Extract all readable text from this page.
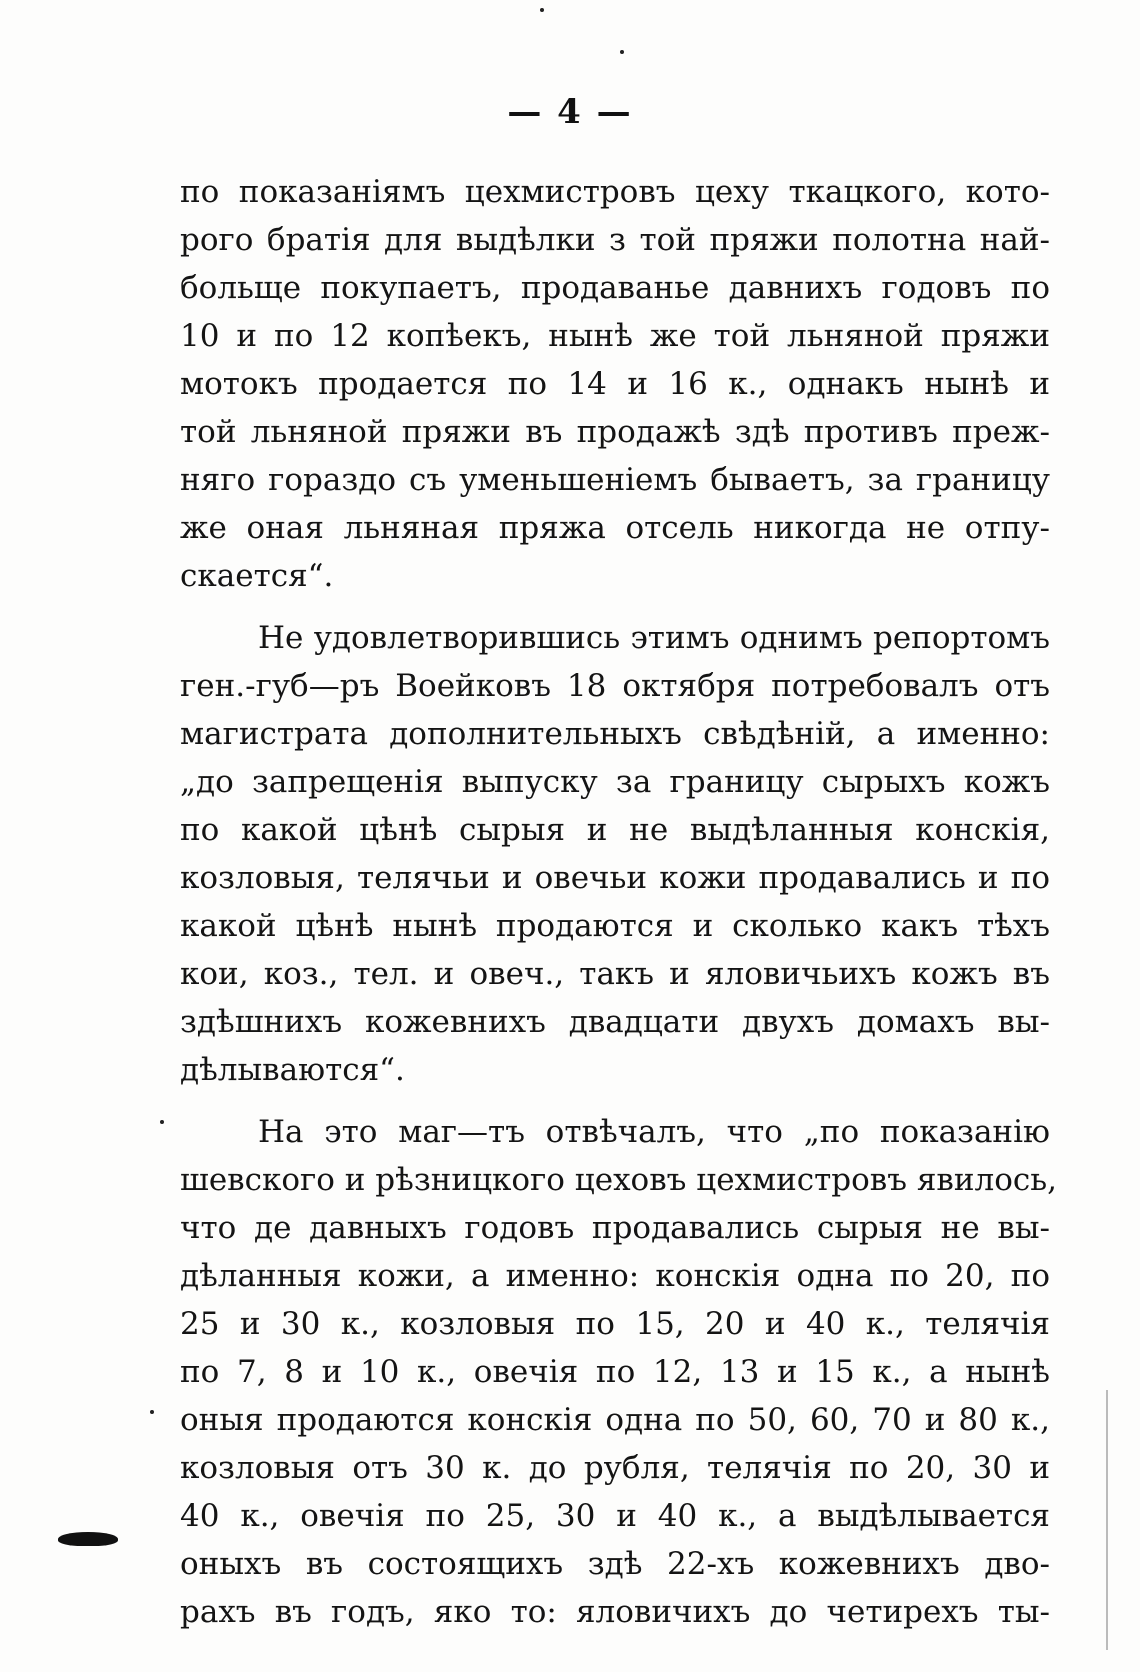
— 4 —
по показаніямъ цехмистровъ цеху ткацкого, кото-
рого братія для выдѣлки з той пряжи полотна най-
больще покупаетъ, продаванье давнихъ годовъ по
10 и по 12 копѣекъ, нынѣ же той льняной пряжи
мотокъ продается по 14 и 16 к., однакъ нынѣ и
той льняной пряжи въ продажѣ здѣ противъ преж-
няго гораздо съ уменьшеніемъ бываетъ, за границу
же оная льняная пряжа отсель никогда не отпу-
скается“.
Не удовлетворившись этимъ однимъ репортомъ
ген.-губ—ръ Воейковъ 18 октября потребовалъ отъ
магистрата дополнительныхъ свѣдѣній, а именно:
„до запрещенія выпуску за границу сырыхъ кожъ
по какой цѣнѣ сырыя и не выдѣланныя конскія,
козловыя, телячьи и овечьи кожи продавались и по
какой цѣнѣ нынѣ продаются и сколько какъ тѣхъ
кои, коз., тел. и овеч., такъ и яловичьихъ кожъ въ
здѣшнихъ кожевнихъ двадцати двухъ домахъ вы-
дѣлываются“.
На это маг—тъ отвѣчалъ, что „по показанію
шевского и рѣзницкого цеховъ цехмистровъ явилось,
что де давныхъ годовъ продавались сырыя не вы-
дѣланныя кожи, а именно: конскія одна по 20, по
25 и 30 к., козловыя по 15, 20 и 40 к., телячія
по 7, 8 и 10 к., овечія по 12, 13 и 15 к., а нынѣ
оныя продаются конскія одна по 50, 60, 70 и 80 к.,
козловыя отъ 30 к. до рубля, телячія по 20, 30 и
40 к., овечія по 25, 30 и 40 к., а выдѣлывается
оныхъ въ состоящихъ здѣ 22-хъ кожевнихъ дво-
рахъ въ годъ, яко то: яловичихъ до четирехъ ты-
